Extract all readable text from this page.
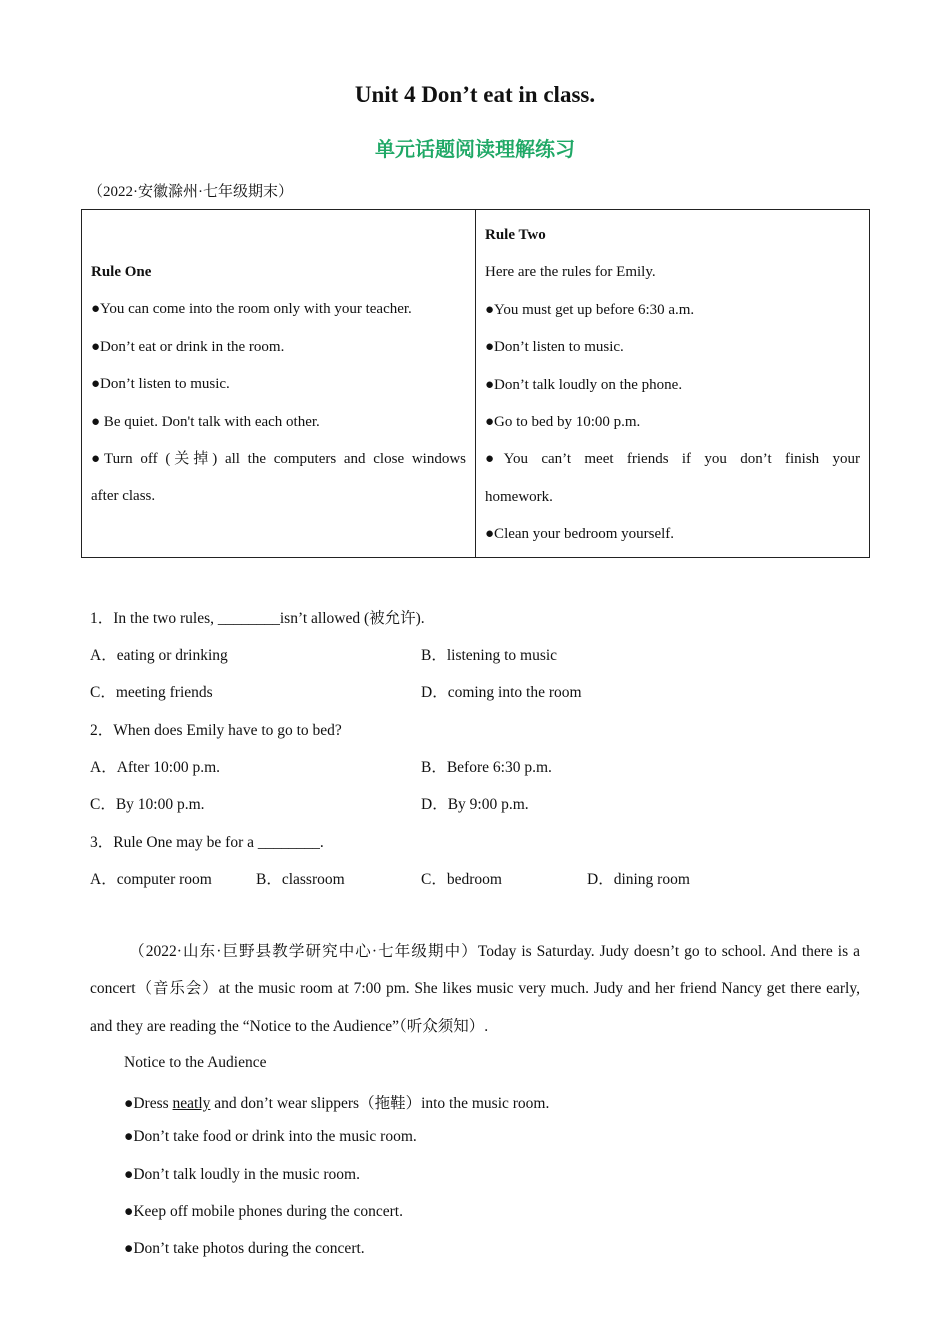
Unit 4 Don’t eat in class.
单元话题阅读理解练习
（2022·安徽滁州·七年级期末）
Rule One
●You can come into the room only with your teacher.
●Don’t eat or drink in the room.
●Don’t listen to music.
● Be quiet. Don't talk with each other.
●Turn off (关掉) all the computers and close windows
after class.

Rule Two
Here are the rules for Emily.
●You must get up before 6:30 a.m.
●Don’t listen to music.
●Don’t talk loudly on the phone.
●Go to bed by 10:00 p.m.
●You can’t meet friends if you don’t finish your
homework.
●Clean your bedroom yourself.
1．In the two rules, ________isn’t allowed (被允许).
A．eating or drinking	B．listening to music
C．meeting friends	D．coming into the room
2．When does Emily have to go to bed?
A．After 10:00 p.m.	B．Before 6:30 p.m.
C．By 10:00 p.m.	D．By 9:00 p.m.
3．Rule One may be for a ________.
A．computer room	B．classroom	C．bedroom	D．dining room
（2022·山东·巨野县教学研究中心·七年级期中）Today is Saturday. Judy doesn’t go to school. And there is a concert（音乐会）at the music room at 7:00 pm. She likes music very much. Judy and her friend Nancy get there early, and they are reading the “Notice to the Audience”（听众须知）.
Notice to the Audience
●Dress neatly and don’t wear slippers（拖鞋）into the music room.
●Don’t take food or drink into the music room.
●Don’t talk loudly in the music room.
●Keep off mobile phones during the concert.
●Don’t take photos during the concert.
